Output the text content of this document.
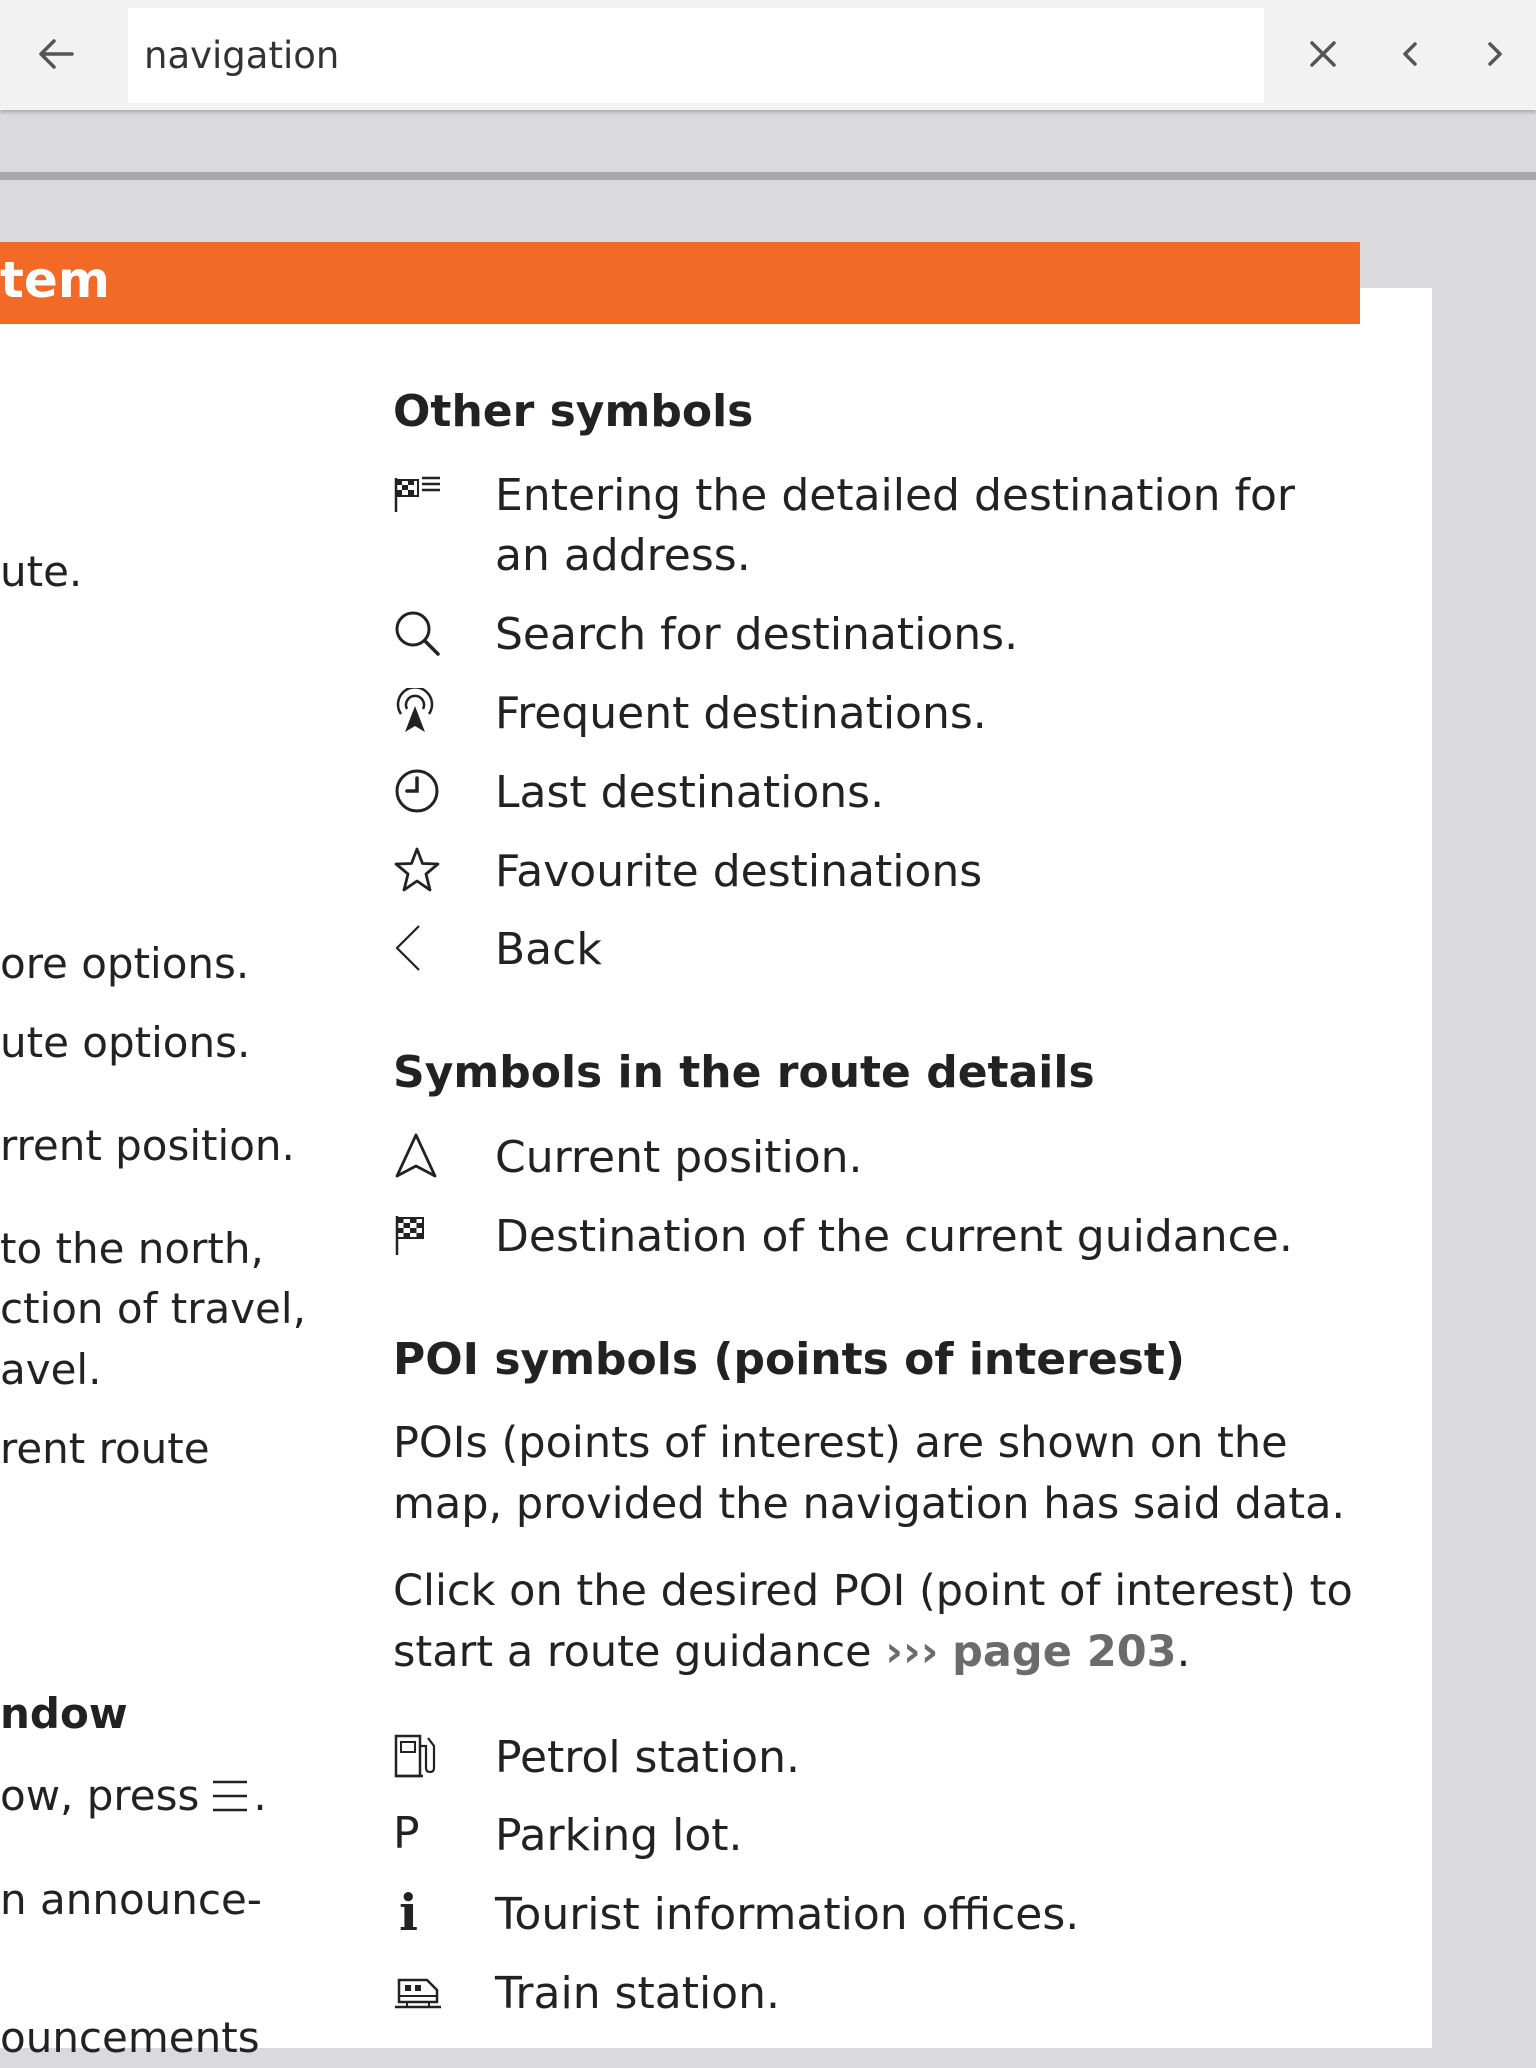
navigation
tem
ute.
ore options.
ute options.
rrent position.
to the north,
ction of travel,
avel.
rent route
ndow
ow, press .
n announce-
ouncements
Other symbols
Entering the detailed destination for an address.
Search for destinations.
Frequent destinations.
Last destinations.
Favourite destinations
Back
Symbols in the route details
Current position.
Destination of the current guidance.
POI symbols (points of interest)
POIs (points of interest) are shown on the map, provided the navigation has said data.
Click on the desired POI (point of interest) to start a route guidance ››› page 203.
Petrol station.
P Parking lot.
i Tourist information offices.
Train station.
